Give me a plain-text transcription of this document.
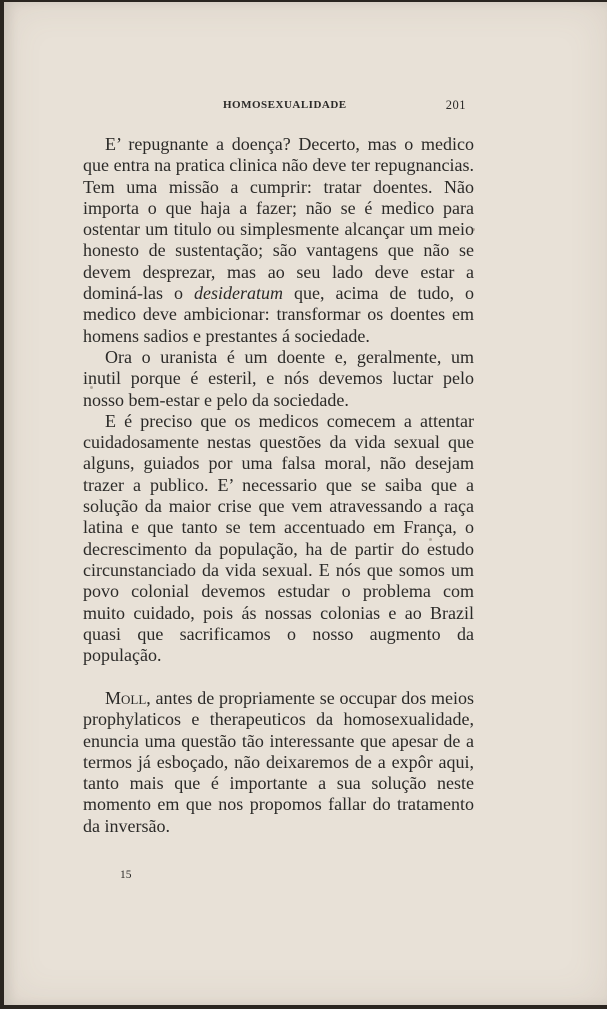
HOMOSEXUALIDADE	201

E’ repugnante a doença? Decerto, mas o medico que entra na pratica clinica não deve ter repugnancias. Tem uma missão a cumprir: tratar doentes. Não importa o que haja a fazer; não se é medico para ostentar um titulo ou simplesmente alcançar um meio honesto de sustentação; são vantagens que não se devem desprezar, mas ao seu lado deve estar a dominá-las o desideratum que, acima de tudo, o medico deve ambicionar: transformar os doentes em homens sadios e prestantes á sociedade.

Ora o uranista é um doente e, geralmente, um inutil porque é esteril, e nós devemos luctar pelo nosso bem-estar e pelo da sociedade.

E é preciso que os medicos comecem a attentar cuidadosamente nestas questões da vida sexual que alguns, guiados por uma falsa moral, não desejam trazer a publico. E’ necessario que se saiba que a solução da maior crise que vem atravessando a raça latina e que tanto se tem accentuado em França, o decrescimento da população, ha de partir do estudo circunstanciado da vida sexual. E nós que somos um povo colonial devemos estudar o problema com muito cuidado, pois ás nossas colonias e ao Brazil quasi que sacrificamos o nosso augmento da população.

Moll, antes de propriamente se occupar dos meios prophylaticos e therapeuticos da homosexualidade, enuncia uma questão tão interessante que apesar de a termos já esboçado, não deixaremos de a expôr aqui, tanto mais que é importante a sua solução neste momento em que nos propomos fallar do tratamento da inversão.

15
